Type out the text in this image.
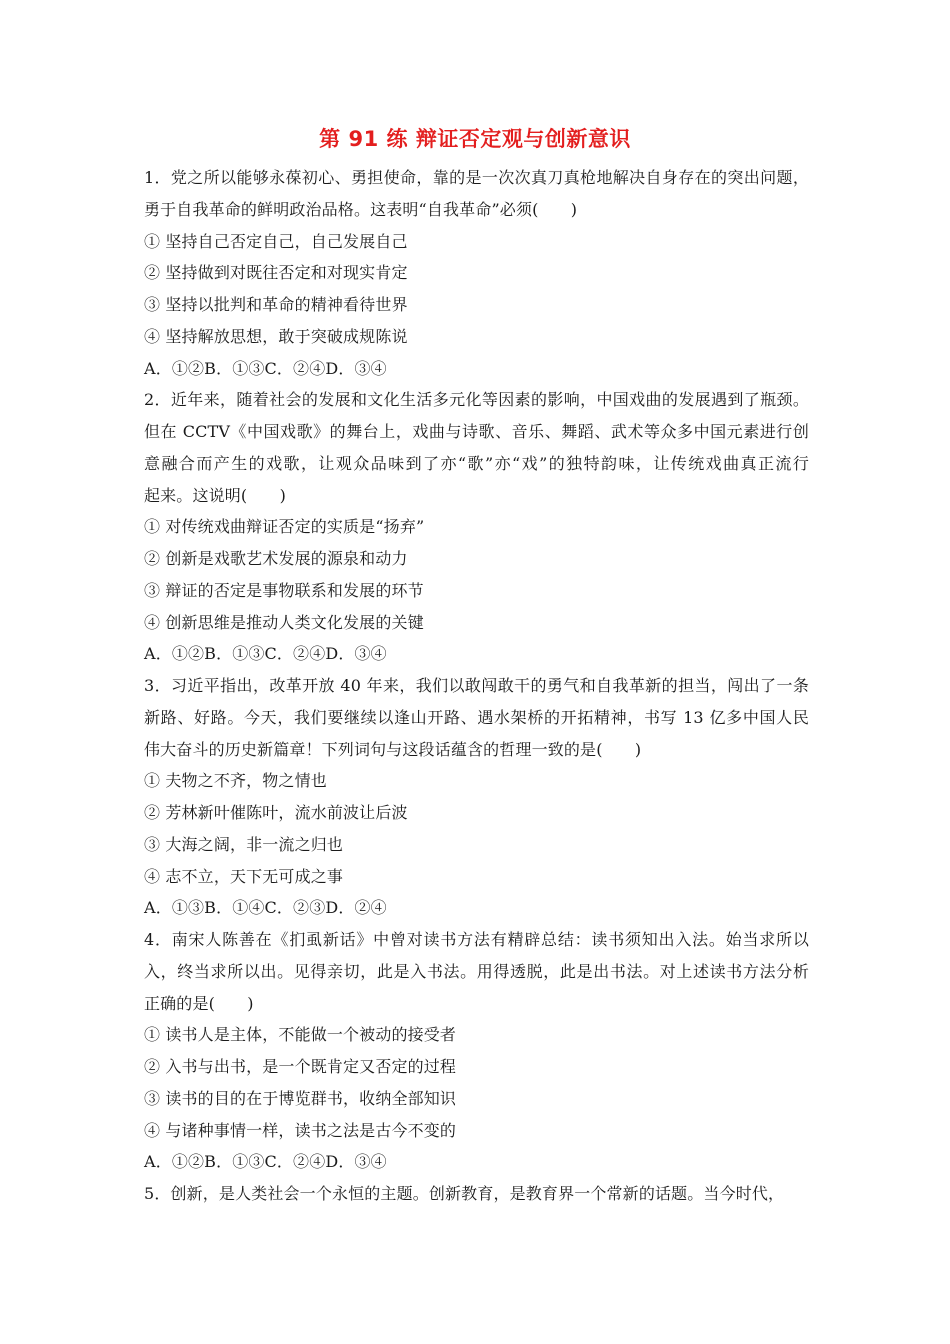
第 91 练 辩证否定观与创新意识
1．党之所以能够永葆初心、勇担使命，靠的是一次次真刀真枪地解决自身存在的突出问题，
勇于自我革命的鲜明政治品格。这表明“自我革命”必须(　　)
① 坚持自己否定自己，自己发展自己
② 坚持做到对既往否定和对现实肯定
③ 坚持以批判和革命的精神看待世界
④ 坚持解放思想，敢于突破成规陈说
A．①②B．①③C．②④D．③④
2．近年来，随着社会的发展和文化生活多元化等因素的影响，中国戏曲的发展遇到了瓶颈。
但在 CCTV《中国戏歌》的舞台上，戏曲与诗歌、音乐、舞蹈、武术等众多中国元素进行创
意融合而产生的戏歌，让观众品味到了亦“歌”亦“戏”的独特韵味，让传统戏曲真正流行
起来。这说明(　　)
① 对传统戏曲辩证否定的实质是“扬弃”
② 创新是戏歌艺术发展的源泉和动力
③ 辩证的否定是事物联系和发展的环节
④ 创新思维是推动人类文化发展的关键
A．①②B．①③C．②④D．③④
3．习近平指出，改革开放 40 年来，我们以敢闯敢干的勇气和自我革新的担当，闯出了一条
新路、好路。今天，我们要继续以逢山开路、遇水架桥的开拓精神，书写 13 亿多中国人民
伟大奋斗的历史新篇章！下列词句与这段话蕴含的哲理一致的是(　　)
① 夫物之不齐，物之情也
② 芳林新叶催陈叶，流水前波让后波
③ 大海之阔，非一流之归也
④ 志不立，天下无可成之事
A．①③B．①④C．②③D．②④
4．南宋人陈善在《扪虱新话》中曾对读书方法有精辟总结：读书须知出入法。始当求所以
入，终当求所以出。见得亲切，此是入书法。用得透脱，此是出书法。对上述读书方法分析
正确的是(　　)
① 读书人是主体，不能做一个被动的接受者
② 入书与出书，是一个既肯定又否定的过程
③ 读书的目的在于博览群书，收纳全部知识
④ 与诸种事情一样，读书之法是古今不变的
A．①②B．①③C．②④D．③④
5．创新，是人类社会一个永恒的主题。创新教育，是教育界一个常新的话题。当今时代，
